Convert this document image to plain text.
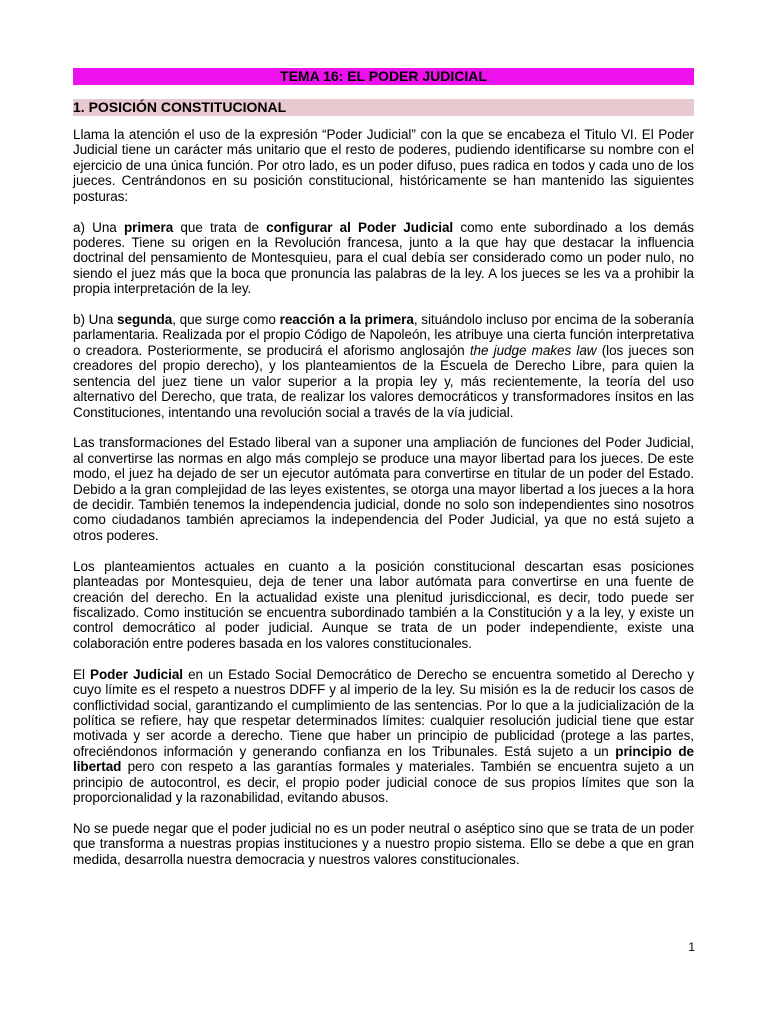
TEMA 16: EL PODER JUDICIAL
1. POSICIÓN CONSTITUCIONAL

Llama la atención el uso de la expresión “Poder Judicial” con la que se encabeza el Titulo VI. El Poder Judicial tiene un carácter más unitario que el resto de poderes, pudiendo identificarse su nombre con el ejercicio de una única función. Por otro lado, es un poder difuso, pues radica en todos y cada uno de los jueces. Centrándonos en su posición constitucional, históricamente se han mantenido las siguientes posturas:

a) Una primera que trata de configurar al Poder Judicial como ente subordinado a los demás poderes. Tiene su origen en la Revolución francesa, junto a la que hay que destacar la influencia doctrinal del pensamiento de Montesquieu, para el cual debía ser considerado como un poder nulo, no siendo el juez más que la boca que pronuncia las palabras de la ley. A los jueces se les va a prohibir la propia interpretación de la ley.

b) Una segunda, que surge como reacción a la primera, situándolo incluso por encima de la soberanía parlamentaria. Realizada por el propio Código de Napoleón, les atribuye una cierta función interpretativa o creadora. Posteriormente, se producirá el aforismo anglosajón the judge makes law (los jueces son creadores del propio derecho), y los planteamientos de la Escuela de Derecho Libre, para quien la sentencia del juez tiene un valor superior a la propia ley y, más recientemente, la teoría del uso alternativo del Derecho, que trata, de realizar los valores democráticos y transformadores ínsitos en las Constituciones, intentando una revolución social a través de la vía judicial.

Las transformaciones del Estado liberal van a suponer una ampliación de funciones del Poder Judicial, al convertirse las normas en algo más complejo se produce una mayor libertad para los jueces. De este modo, el juez ha dejado de ser un ejecutor autómata para convertirse en titular de un poder del Estado. Debido a la gran complejidad de las leyes existentes, se otorga una mayor libertad a los jueces a la hora de decidir. También tenemos la independencia judicial, donde no solo son independientes sino nosotros como ciudadanos también apreciamos la independencia del Poder Judicial, ya que no está sujeto a otros poderes.

Los planteamientos actuales en cuanto a la posición constitucional descartan esas posiciones planteadas por Montesquieu, deja de tener una labor autómata para convertirse en una fuente de creación del derecho. En la actualidad existe una plenitud jurisdiccional, es decir, todo puede ser fiscalizado. Como institución se encuentra subordinado también a la Constitución y a la ley, y existe un control democrático al poder judicial. Aunque se trata de un poder independiente, existe una colaboración entre poderes basada en los valores constitucionales.

El Poder Judicial en un Estado Social Democrático de Derecho se encuentra sometido al Derecho y cuyo límite es el respeto a nuestros DDFF y al imperio de la ley. Su misión es la de reducir los casos de conflictividad social, garantizando el cumplimiento de las sentencias. Por lo que a la judicialización de la política se refiere, hay que respetar determinados límites: cualquier resolución judicial tiene que estar motivada y ser acorde a derecho. Tiene que haber un principio de publicidad (protege a las partes, ofreciéndonos información y generando confianza en los Tribunales. Está sujeto a un principio de libertad pero con respeto a las garantías formales y materiales. También se encuentra sujeto a un principio de autocontrol, es decir, el propio poder judicial conoce de sus propios límites que son la proporcionalidad y la razonabilidad, evitando abusos.

No se puede negar que el poder judicial no es un poder neutral o aséptico sino que se trata de un poder que transforma a nuestras propias instituciones y a nuestro propio sistema. Ello se debe a que en gran medida, desarrolla nuestra democracia y nuestros valores constitucionales.

1
